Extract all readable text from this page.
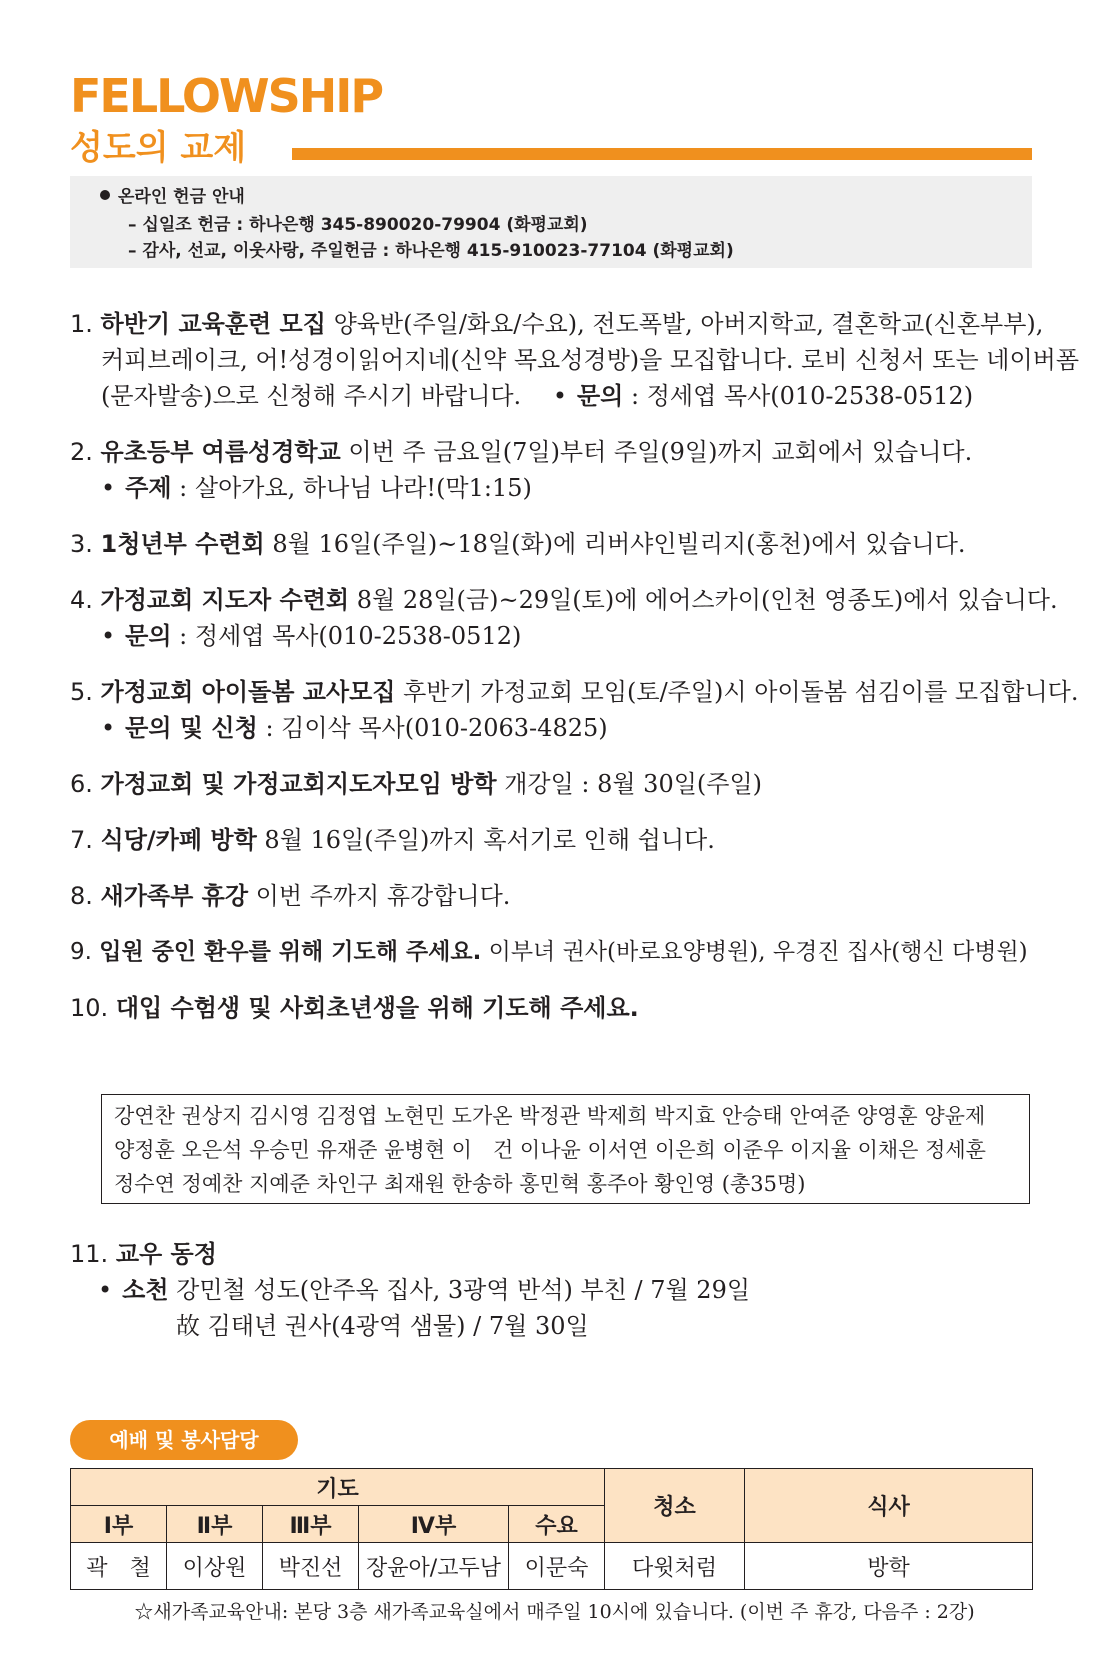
FELLOWSHIP
성도의 교제
온라인 헌금 안내
– 십일조 헌금 : 하나은행 345-890020-79904 (화평교회)
– 감사, 선교, 이웃사랑, 주일헌금 : 하나은행 415-910023-77104 (화평교회)
1. 하반기 교육훈련 모집 양육반(주일/화요/수요), 전도폭발, 아버지학교, 결혼학교(신혼부부),
커피브레이크, 어!성경이읽어지네(신약 목요성경방)을 모집합니다. 로비 신청서 또는 네이버폼
(문자발송)으로 신청해 주시기 바랍니다. • 문의 : 정세엽 목사(010-2538-0512)
2. 유초등부 여름성경학교 이번 주 금요일(7일)부터 주일(9일)까지 교회에서 있습니다.
• 주제 : 살아가요, 하나님 나라!(막1:15)
3. 1청년부 수련회 8월 16일(주일)~18일(화)에 리버샤인빌리지(홍천)에서 있습니다.
4. 가정교회 지도자 수련회 8월 28일(금)~29일(토)에 에어스카이(인천 영종도)에서 있습니다.
• 문의 : 정세엽 목사(010-2538-0512)
5. 가정교회 아이돌봄 교사모집 후반기 가정교회 모임(토/주일)시 아이돌봄 섬김이를 모집합니다.
• 문의 및 신청 : 김이삭 목사(010-2063-4825)
6. 가정교회 및 가정교회지도자모임 방학 개강일 : 8월 30일(주일)
7. 식당/카페 방학 8월 16일(주일)까지 혹서기로 인해 쉽니다.
8. 새가족부 휴강 이번 주까지 휴강합니다.
9. 입원 중인 환우를 위해 기도해 주세요. 이부녀 권사(바로요양병원), 우경진 집사(행신 다병원)
10. 대입 수험생 및 사회초년생을 위해 기도해 주세요.
강연찬 권상지 김시영 김정엽 노현민 도가온 박정관 박제희 박지효 안승태 안여준 양영훈 양윤제
양정훈 오은석 우승민 유재준 윤병현 이　건 이나윤 이서연 이은희 이준우 이지율 이채은 정세훈
정수연 정예찬 지예준 차인구 최재원 한송하 홍민혁 홍주아 황인영 (총35명)
11. 교우 동정
• 소천 강민철 성도(안주옥 집사, 3광역 반석) 부친 / 7월 29일
故 김태년 권사(4광역 샘물) / 7월 30일
예배 및 봉사담당
기도					청소	식사
Ⅰ부	Ⅱ부	Ⅲ부	Ⅳ부	수요		
곽　철	이상원	박진선	장윤아/고두남	이문숙	다윗처럼	방학
☆새가족교육안내: 본당 3층 새가족교육실에서 매주일 10시에 있습니다. (이번 주 휴강, 다음주 : 2강)
